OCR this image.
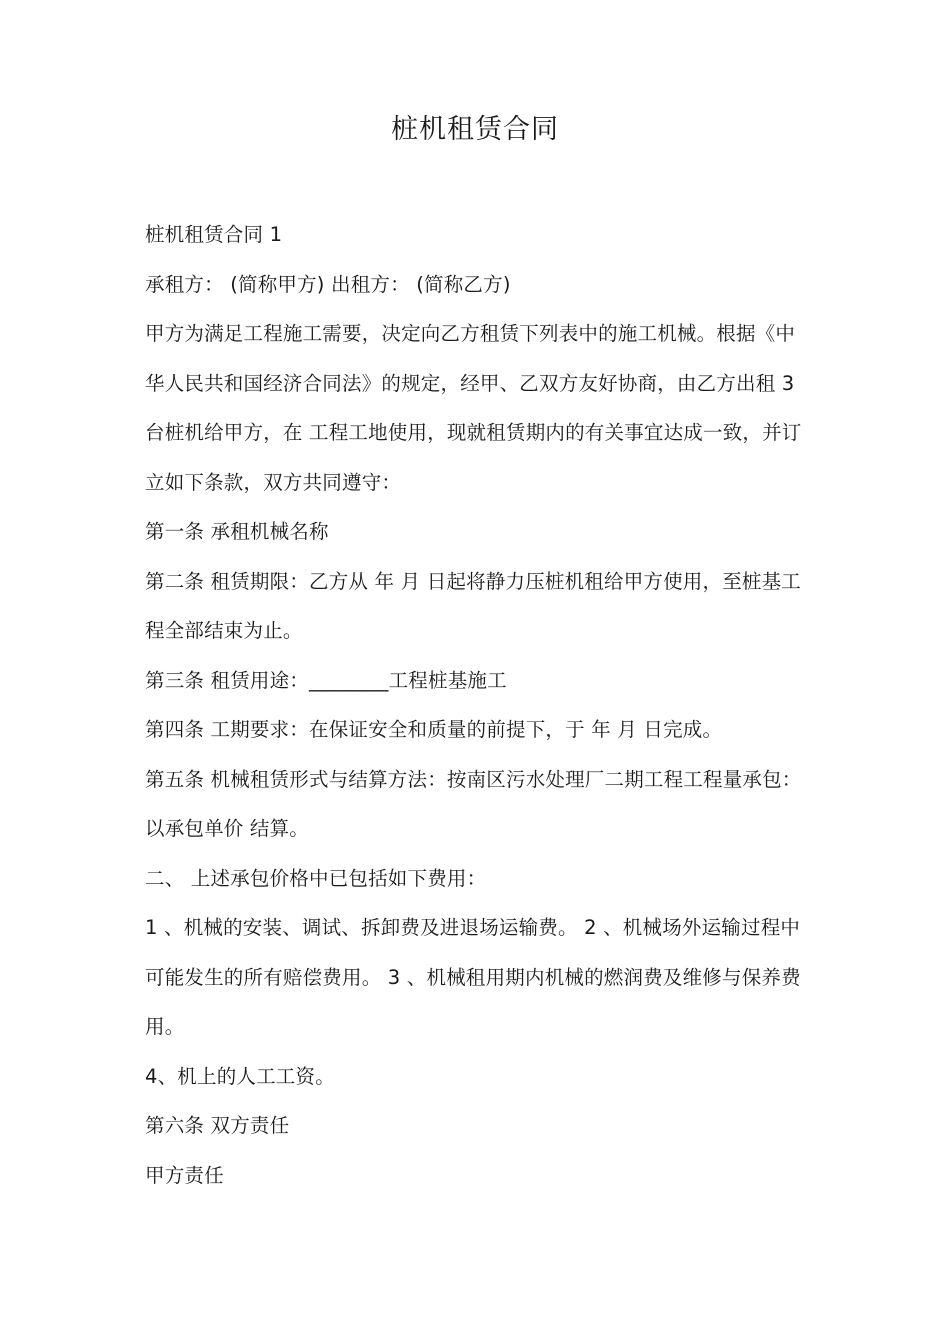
桩机租赁合同

桩机租赁合同 1

承租方： (简称甲方) 出租方： (简称乙方)

甲方为满足工程施工需要，决定向乙方租赁下列表中的施工机械。根据《中华人民共和国经济合同法》的规定，经甲、乙双方友好协商，由乙方出租 3 台桩机给甲方，在 工程工地使用，现就租赁期内的有关事宜达成一致，并订立如下条款，双方共同遵守：

第一条 承租机械名称

第二条 租赁期限：乙方从 年 月 日起将静力压桩机租给甲方使用，至桩基工程全部结束为止。

第三条 租赁用途：________工程桩基施工

第四条 工期要求：在保证安全和质量的前提下，于 年 月 日完成。

第五条 机械租赁形式与结算方法：按南区污水处理厂二期工程工程量承包：以承包单价 结算。

二、 上述承包价格中已包括如下费用：

1 、机械的安装、调试、拆卸费及进退场运输费。 2 、机械场外运输过程中可能发生的所有赔偿费用。 3 、机械租用期内机械的燃润费及维修与保养费用。

4、机上的人工工资。

第六条 双方责任

甲方责任
